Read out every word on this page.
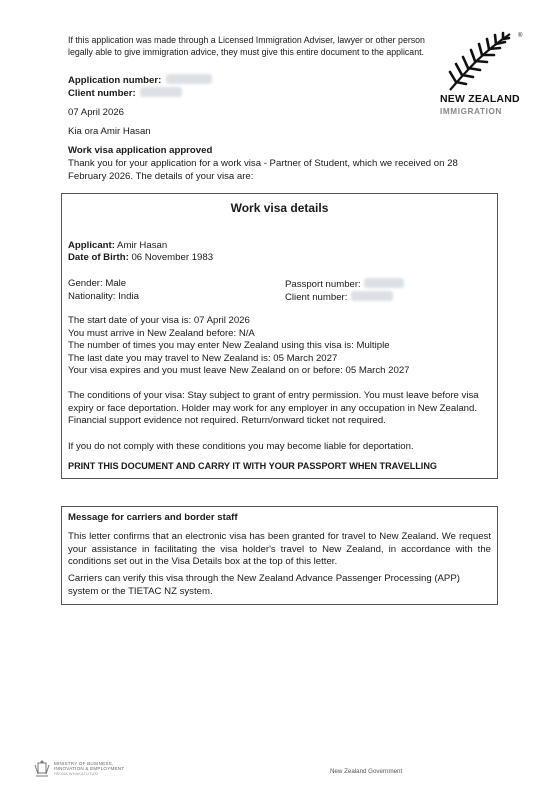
If this application was made through a Licensed Immigration Adviser, lawyer or other person legally able to give immigration advice, they must give this entire document to the applicant.
®
NEW ZEALAND
IMMIGRATION
Application number:
Client number:
07 April 2026
Kia ora Amir Hasan
Work visa application approved
Thank you for your application for a work visa - Partner of Student, which we received on 28 February 2026. The details of your visa are:
Work visa details
Applicant: Amir Hasan
Date of Birth: 06 November 1983
Gender: Male
Nationality: India
Passport number:
Client number:
The start date of your visa is: 07 April 2026
You must arrive in New Zealand before: N/A
The number of times you may enter New Zealand using this visa is: Multiple
The last date you may travel to New Zealand is: 05 March 2027
Your visa expires and you must leave New Zealand on or before: 05 March 2027
The conditions of your visa: Stay subject to grant of entry permission. You must leave before visa expiry or face deportation. Holder may work for any employer in any occupation in New Zealand. Financial support evidence not required. Return/onward ticket not required.
If you do not comply with these conditions you may become liable for deportation.
PRINT THIS DOCUMENT AND CARRY IT WITH YOUR PASSPORT WHEN TRAVELLING
Message for carriers and border staff
This letter confirms that an electronic visa has been granted for travel to New Zealand. We request your assistance in facilitating the visa holder's travel to New Zealand, in accordance with the conditions set out in the Visa Details box at the top of this letter.
Carriers can verify this visa through the New Zealand Advance Passenger Processing (APP) system or the TIETAC NZ system.
MINISTRY OF BUSINESS,
INNOVATION & EMPLOYMENT
HĪKINA WHAKATUTUKI	New Zealand Government
